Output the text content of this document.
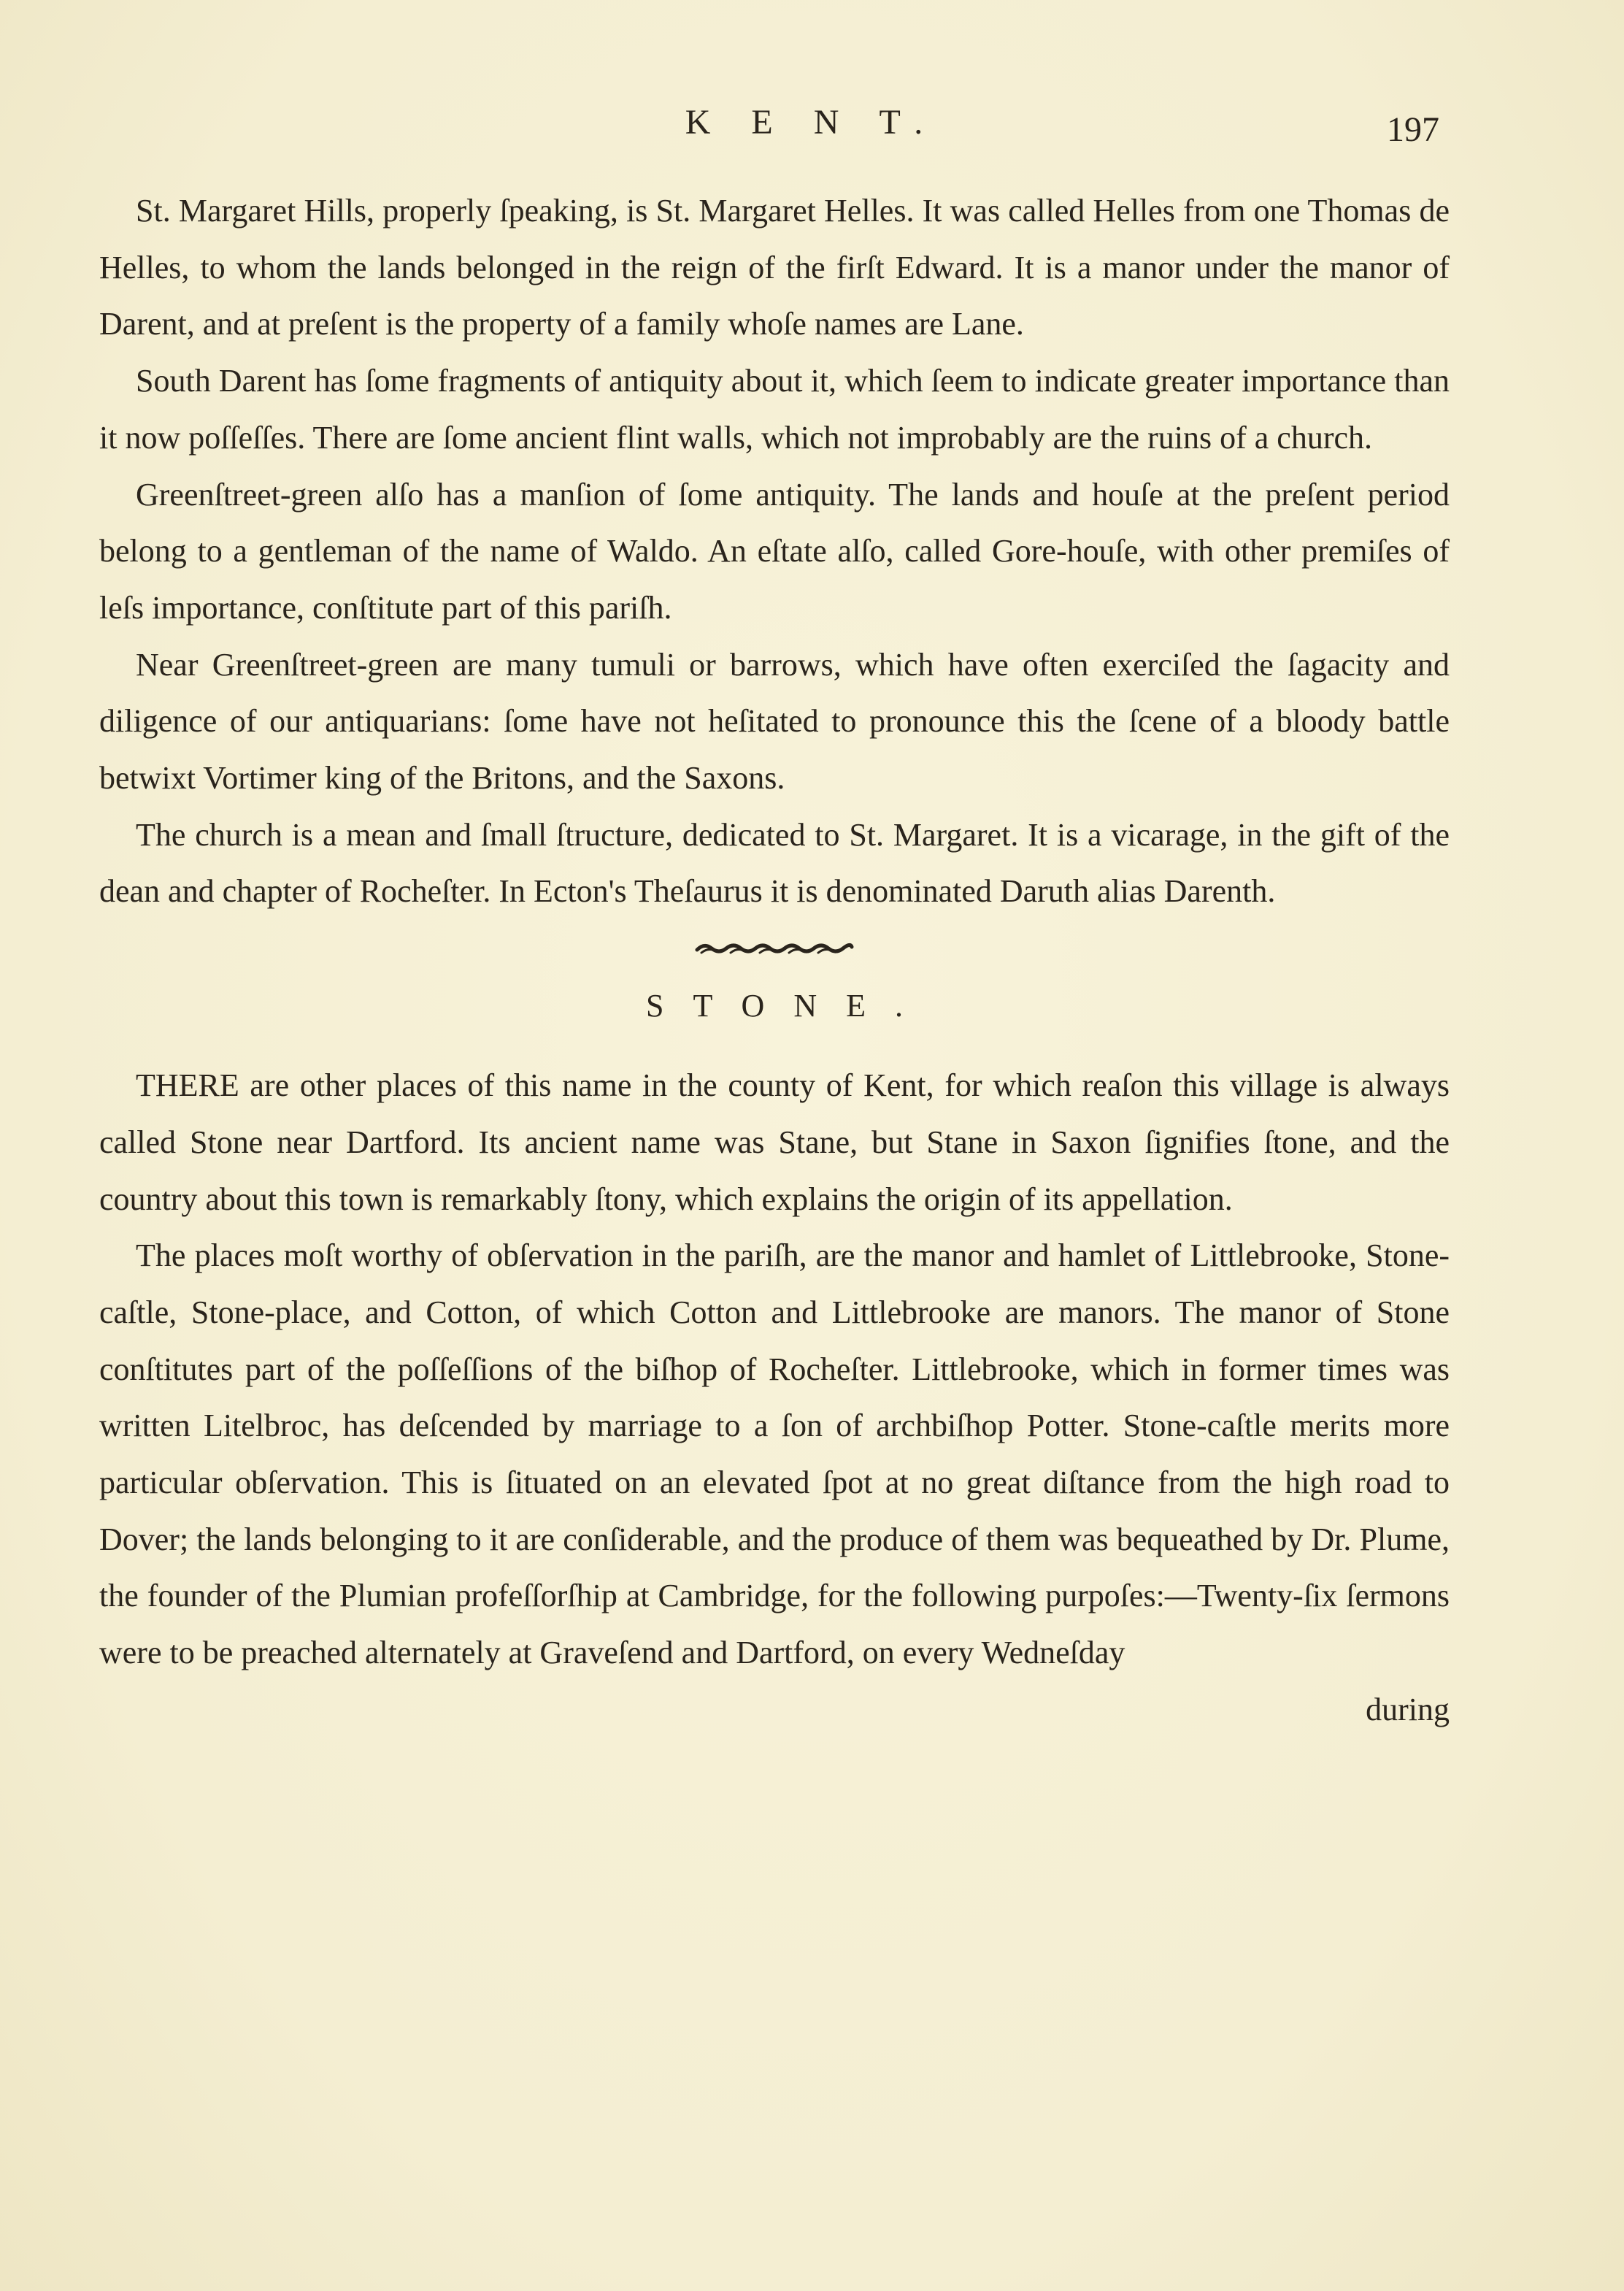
K E N T.	197

St. Margaret Hills, properly ſpeaking, is St. Margaret Helles. It was called Helles from one Thomas de Helles, to whom the lands belonged in the reign of the firſt Edward. It is a manor under the manor of Darent, and at preſent is the property of a family whoſe names are Lane.

South Darent has ſome fragments of antiquity about it, which ſeem to indicate greater importance than it now poſſeſſes. There are ſome ancient flint walls, which not improbably are the ruins of a church.

Greenſtreet-green alſo has a manſion of ſome antiquity. The lands and houſe at the preſent period belong to a gentleman of the name of Waldo. An eſtate alſo, called Gore-houſe, with other premiſes of leſs importance, conſtitute part of this pariſh.

Near Greenſtreet-green are many tumuli or barrows, which have often exerciſed the ſagacity and diligence of our antiquarians: ſome have not heſitated to pronounce this the ſcene of a bloody battle betwixt Vortimer king of the Britons, and the Saxons.

The church is a mean and ſmall ſtructure, dedicated to St. Margaret. It is a vicarage, in the gift of the dean and chapter of Rocheſter. In Ecton's Theſaurus it is denominated Daruth alias Darenth.

STONE.

THERE are other places of this name in the county of Kent, for which reaſon this village is always called Stone near Dartford. Its ancient name was Stane, but Stane in Saxon ſignifies ſtone, and the country about this town is remarkably ſtony, which explains the origin of its appellation.

The places moſt worthy of obſervation in the pariſh, are the manor and hamlet of Littlebrooke, Stone-caſtle, Stone-place, and Cotton, of which Cotton and Littlebrooke are manors. The manor of Stone conſtitutes part of the poſſeſſions of the biſhop of Rocheſter. Littlebrooke, which in former times was written Litelbroc, has deſcended by marriage to a ſon of archbiſhop Potter. Stone-caſtle merits more particular obſervation. This is ſituated on an elevated ſpot at no great diſtance from the high road to Dover; the lands belonging to it are conſiderable, and the produce of them was bequeathed by Dr. Plume, the founder of the Plumian profeſſorſhip at Cambridge, for the following purpoſes:—Twenty-ſix ſermons were to be preached alternately at Graveſend and Dartford, on every Wedneſday

during
